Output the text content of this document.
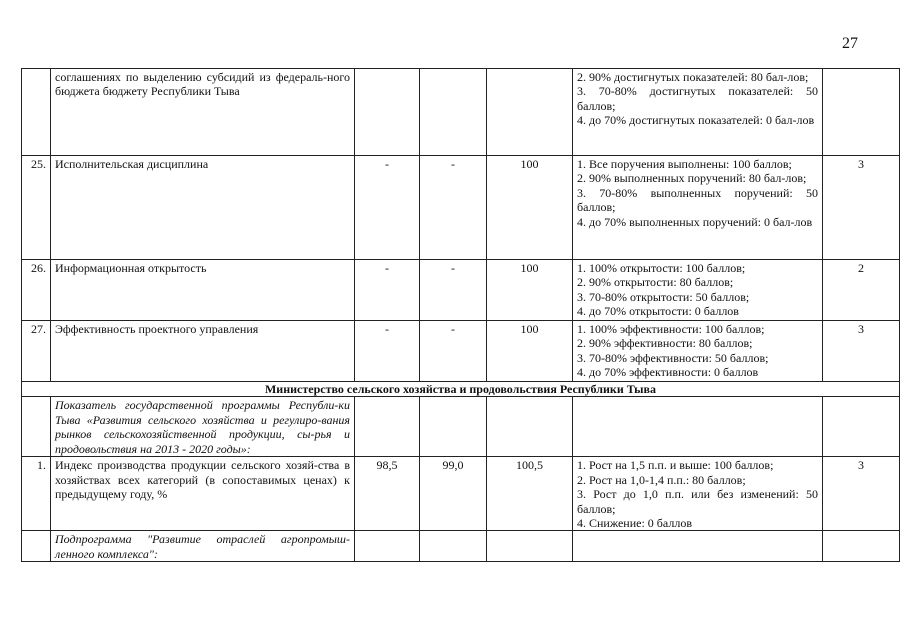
27
	соглашениях по выделению субсидий из федераль-ного бюджета бюджету Республики Тыва				2. 90% достигнутых показателей: 80 бал-лов;
3. 70-80% достигнутых показателей: 50 баллов;
4. до 70% достигнутых показателей: 0 бал-лов	

25.	Исполнительская дисциплина	-	-	100	1. Все поручения выполнены: 100 баллов;
2. 90% выполненных поручений: 80 бал-лов;
3. 70-80% выполненных поручений: 50 баллов;
4. до 70% выполненных поручений: 0 бал-лов	3
26.	Информационная открытость	-	-	100	1. 100% открытости: 100 баллов;
2. 90% открытости: 80 баллов;
3. 70-80% открытости: 50 баллов;
4. до 70% открытости: 0 баллов	2
27.	Эффективность проектного управления	-	-	100	1. 100% эффективности: 100 баллов;
2. 90% эффективности: 80 баллов;
3. 70-80% эффективности: 50 баллов;
4. до 70% эффективности: 0 баллов	3
Министерство сельского хозяйства и продовольствия Республики Тыва						
	Показатель государственной программы Республи-ки Тыва «Развития сельского хозяйства и регулиро-вания рынков сельскохозяйственной продукции, сы-рья и продовольствия на 2013 - 2020 годы»:					
1.	Индекс производства продукции сельского хозяй-ства в хозяйствах всех категорий (в сопоставимых ценах) к предыдущему году, %	98,5	99,0	100,5	1. Рост на 1,5 п.п. и выше: 100 баллов;
2. Рост на 1,0-1,4 п.п.: 80 баллов;
3. Рост до 1,0 п.п. или без изменений: 50 баллов;
4. Снижение: 0 баллов	3
	Подпрограмма "Развитие отраслей агропромыш-ленного комплекса":					
